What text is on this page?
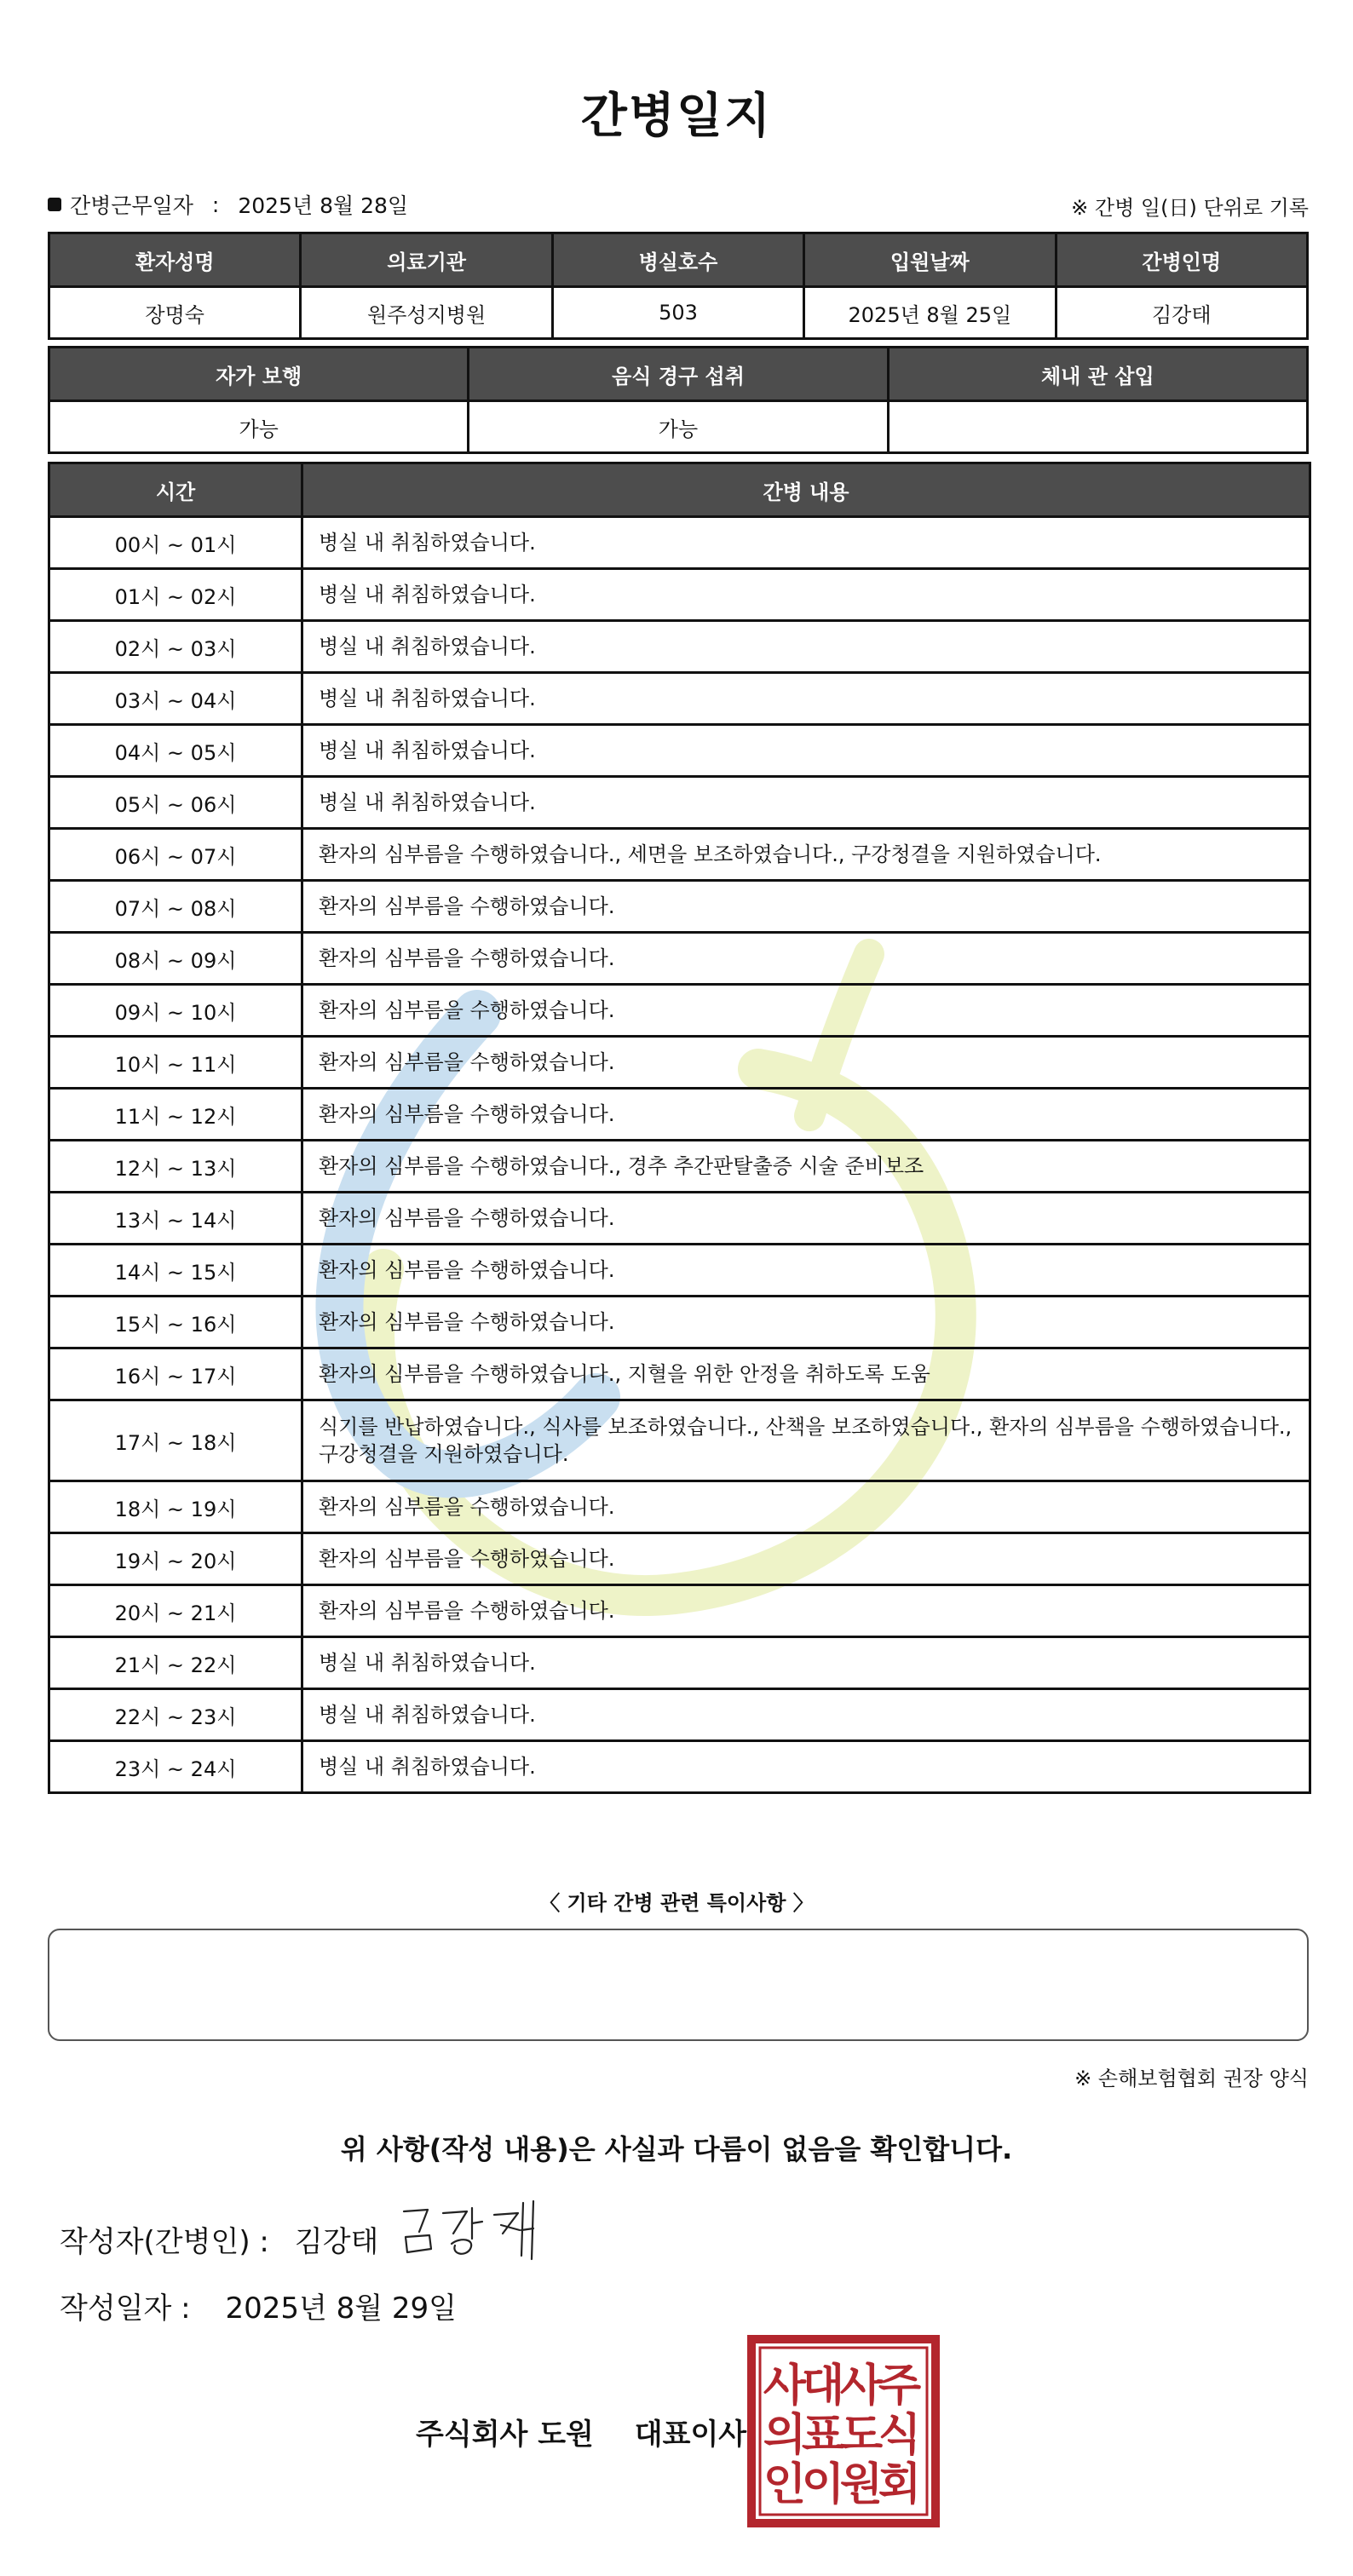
간병일지
간병근무일자 : 2025년 8월 28일	※ 간병 일(日) 단위로 기록
환자성명	의료기관	병실호수	입원날짜	간병인명
장명숙	원주성지병원	503	2025년 8월 25일	김강태
자가 보행	음식 경구 섭취	체내 관 삽입
가능	가능	
시간	간병 내용
00시 ~ 01시	병실 내 취침하였습니다.
01시 ~ 02시	병실 내 취침하였습니다.
02시 ~ 03시	병실 내 취침하였습니다.
03시 ~ 04시	병실 내 취침하였습니다.
04시 ~ 05시	병실 내 취침하였습니다.
05시 ~ 06시	병실 내 취침하였습니다.
06시 ~ 07시	환자의 심부름을 수행하였습니다., 세면을 보조하였습니다., 구강청결을 지원하였습니다.
07시 ~ 08시	환자의 심부름을 수행하였습니다.
08시 ~ 09시	환자의 심부름을 수행하였습니다.
09시 ~ 10시	환자의 심부름을 수행하였습니다.
10시 ~ 11시	환자의 심부름을 수행하였습니다.
11시 ~ 12시	환자의 심부름을 수행하였습니다.
12시 ~ 13시	환자의 심부름을 수행하였습니다., 경추 추간판탈출증 시술 준비보조
13시 ~ 14시	환자의 심부름을 수행하였습니다.
14시 ~ 15시	환자의 심부름을 수행하였습니다.
15시 ~ 16시	환자의 심부름을 수행하였습니다.
16시 ~ 17시	환자의 심부름을 수행하였습니다., 지혈을 위한 안정을 취하도록 도움
17시 ~ 18시	식기를 반납하였습니다., 식사를 보조하였습니다., 산책을 보조하였습니다., 환자의 심부름을 수행하였습니다., 구강청결을 지원하였습니다.
18시 ~ 19시	환자의 심부름을 수행하였습니다.
19시 ~ 20시	환자의 심부름을 수행하였습니다.
20시 ~ 21시	환자의 심부름을 수행하였습니다.
21시 ~ 22시	병실 내 취침하였습니다.
22시 ~ 23시	병실 내 취침하였습니다.
23시 ~ 24시	병실 내 취침하였습니다.
〈 기타 간병 관련 특이사항 〉
※ 손해보험협회 권장 양식
위 사항(작성 내용)은 사실과 다름이 없음을 확인합니다.
작성자(간병인) : 김강태
작성일자 : 2025년 8월 29일
주식회사 도원 대표이사
주
식
회
사
도
원
대
표
이
사
의
인
